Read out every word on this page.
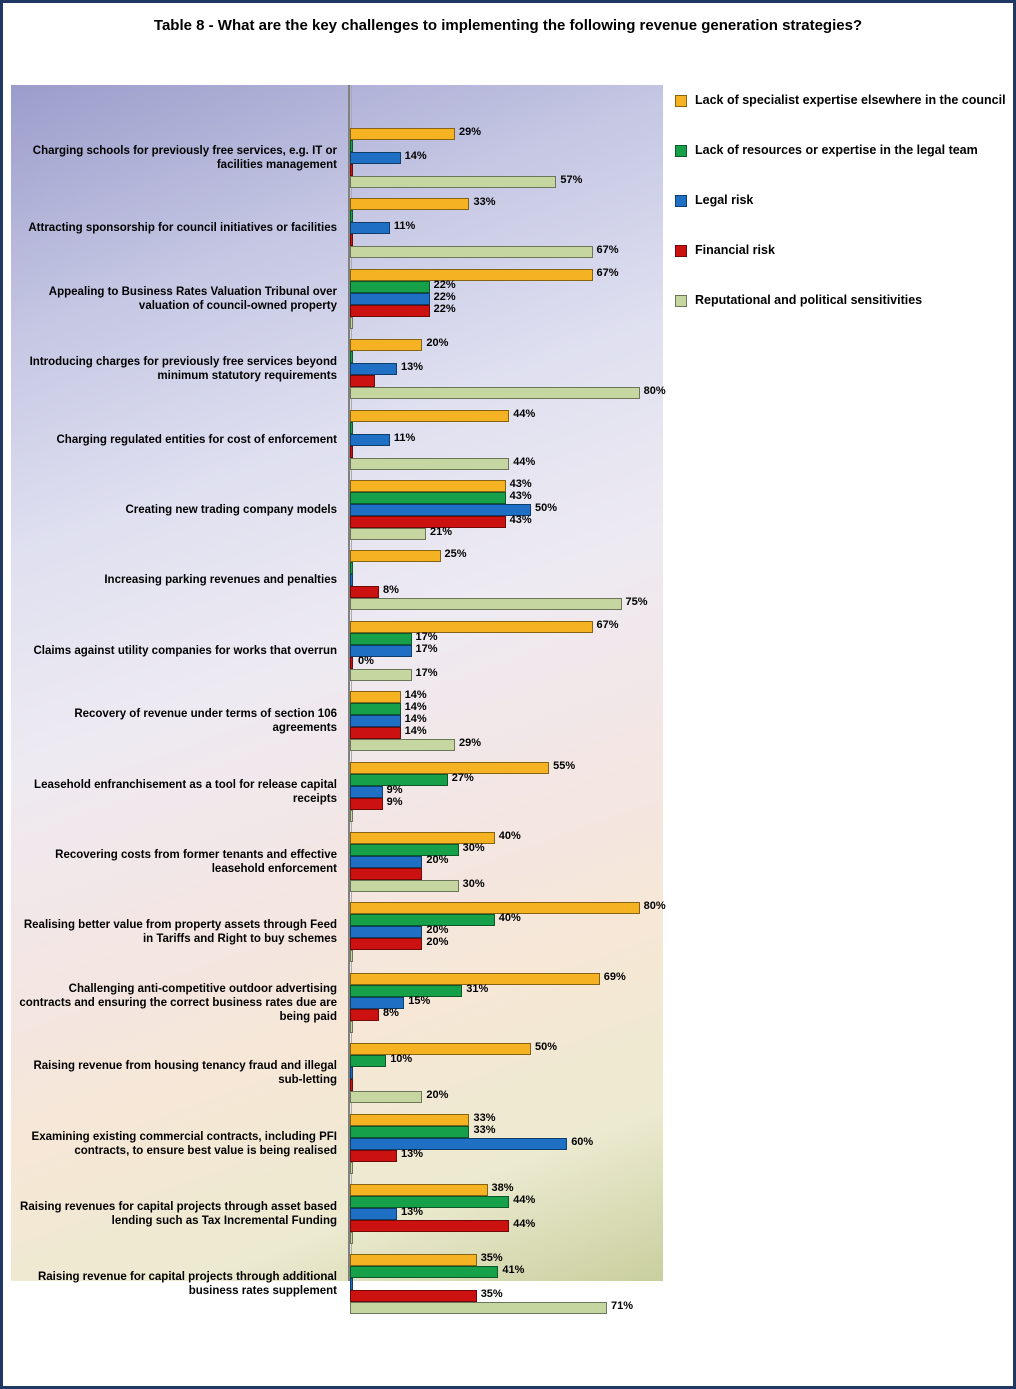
Table 8 - What are the key challenges to implementing the following revenue generation strategies?
Charging schools for previously free services, e.g. IT or facilities management
29%
14%
57%
Attracting sponsorship for council initiatives or facilities
33%
11%
67%
Appealing to Business Rates Valuation Tribunal over valuation of council-owned property
67%
22%
22%
22%
Introducing charges for previously free services beyond minimum statutory requirements
20%
13%
80%
Charging regulated entities for cost of enforcement
44%
11%
44%
Creating new trading company models
43%
43%
50%
43%
21%
Increasing parking revenues and penalties
25%
8%
75%
Claims against utility companies for works that overrun
67%
17%
17%
0%
17%
Recovery of revenue under terms of section 106 agreements
14%
14%
14%
14%
29%
Leasehold enfranchisement as a tool for release capital receipts
55%
27%
9%
9%
Recovering costs from former tenants and effective leasehold enforcement
40%
30%
20%
30%
Realising better value from property assets through Feed in Tariffs and Right to buy schemes
80%
40%
20%
20%
Challenging anti-competitive outdoor advertising contracts and ensuring the correct business rates due are being paid
69%
31%
15%
8%
Raising revenue from housing tenancy fraud and illegal sub-letting
50%
10%
20%
Examining existing commercial contracts, including PFI contracts, to ensure best value is being realised
33%
33%
60%
13%
Raising revenues for capital projects through asset based lending such as Tax Incremental Funding
38%
44%
13%
44%
Raising revenue for capital projects through additional business rates supplement
35%
41%
35%
71%
Lack of specialist expertise elsewhere in the council
Lack of resources or expertise in the legal team
Legal risk
Financial risk
Reputational and political sensitivities
